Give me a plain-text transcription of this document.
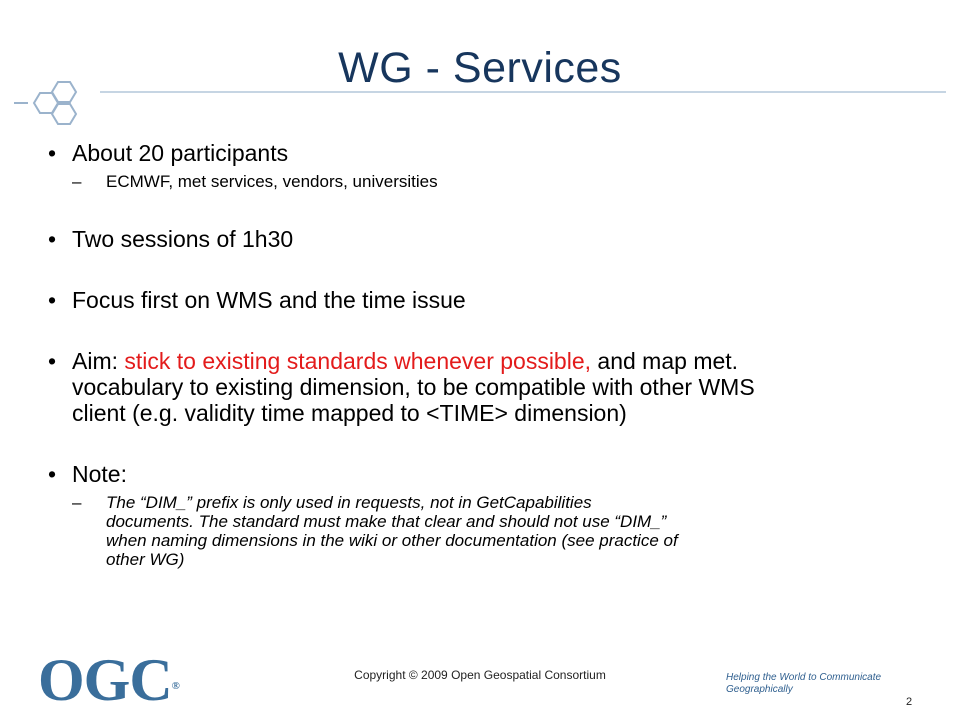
WG - Services
• About 20 participants
– ECMWF, met services, vendors, universities
• Two sessions of 1h30
• Focus first on WMS and the time issue
• Aim: stick to existing standards whenever possible, and map met.
vocabulary to existing dimension, to be compatible with other WMS
client (e.g. validity time mapped to <TIME> dimension)
• Note:
– The “DIM_” prefix is only used in requests, not in GetCapabilities
documents. The standard must make that clear and should not use “DIM_”
when naming dimensions in the wiki or other documentation (see practice of
other WG)
OGC®
Copyright © 2009 Open Geospatial Consortium	Helping the World to Communicate
Geographically
2
